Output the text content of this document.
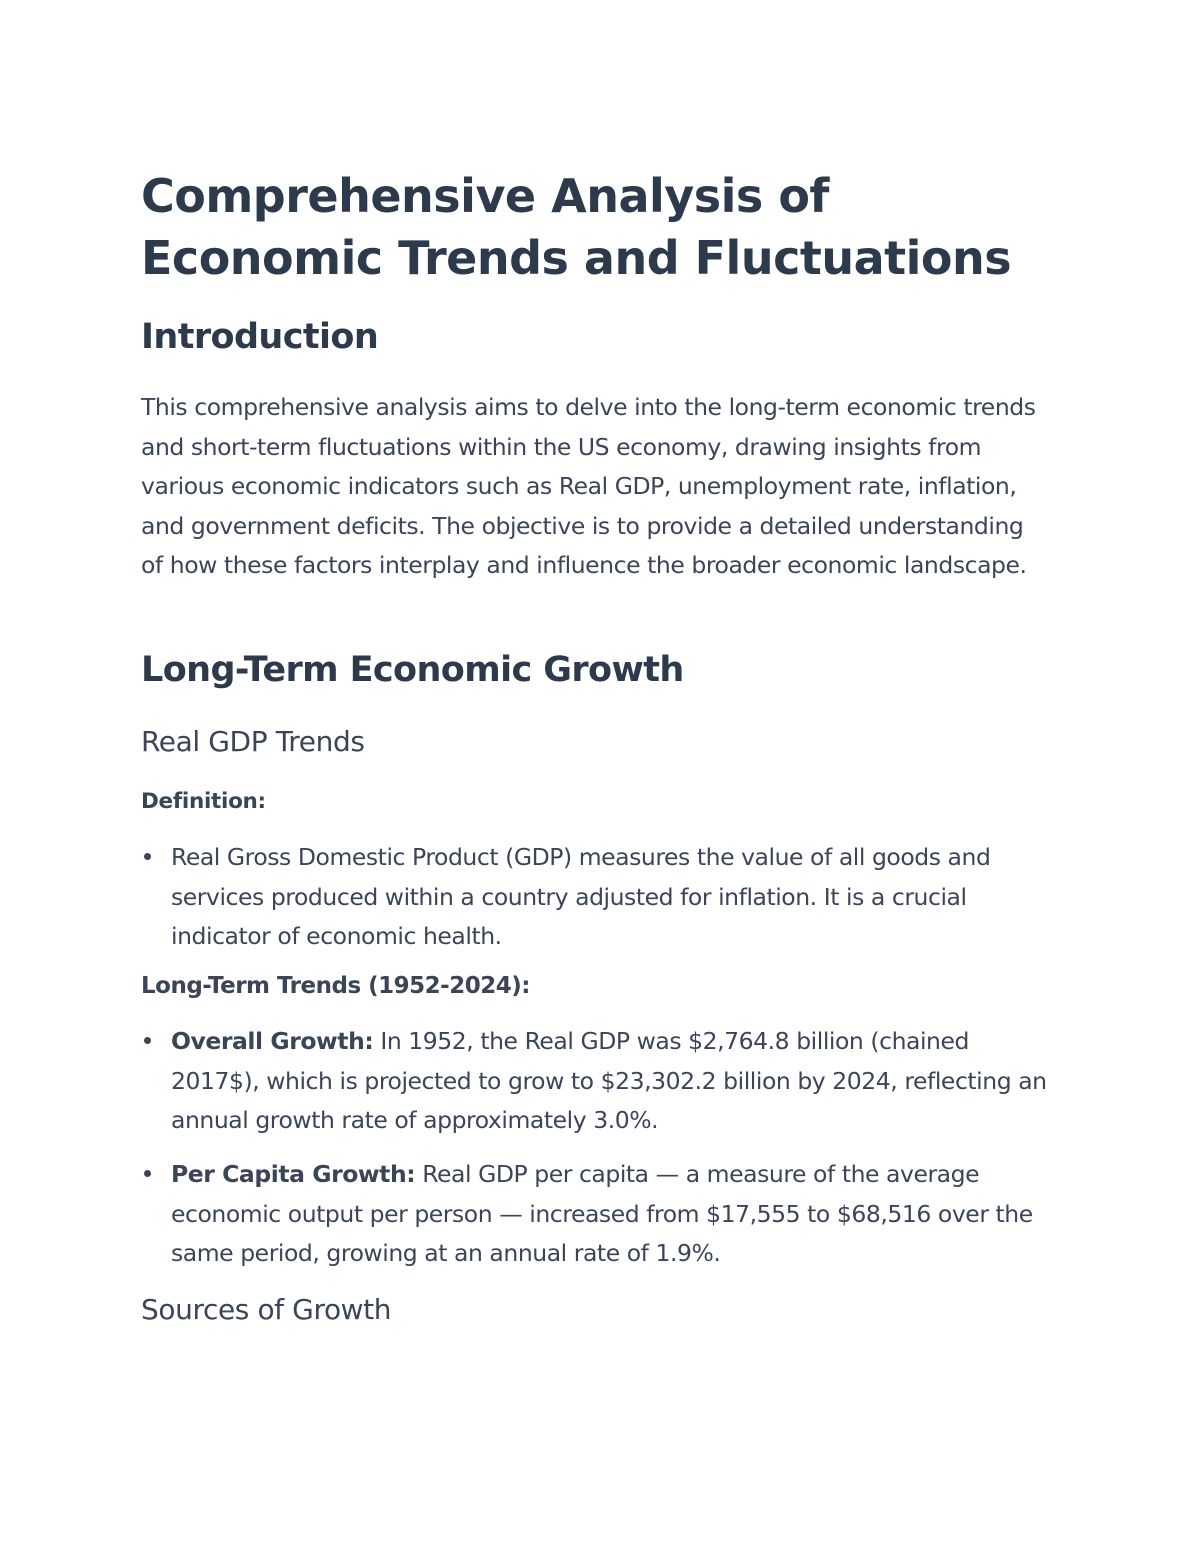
Comprehensive Analysis of Economic Trends and Fluctuations
Introduction

This comprehensive analysis aims to delve into the long-term economic trends and short-term fluctuations within the US economy, drawing insights from various economic indicators such as Real GDP, unemployment rate, inflation, and government deficits. The objective is to provide a detailed understanding of how these factors interplay and influence the broader economic landscape.

Long-Term Economic Growth
Real GDP Trends
Definition:

Real Gross Domestic Product (GDP) measures the value of all goods and services produced within a country adjusted for inflation. It is a crucial indicator of economic health.

Long-Term Trends (1952-2024):

Overall Growth: In 1952, the Real GDP was $2,764.8 billion (chained 2017$), which is projected to grow to $23,302.2 billion by 2024, reflecting an annual growth rate of approximately 3.0%.

Per Capita Growth: Real GDP per capita — a measure of the average economic output per person — increased from $17,555 to $68,516 over the same period, growing at an annual rate of 1.9%.

Sources of Growth
